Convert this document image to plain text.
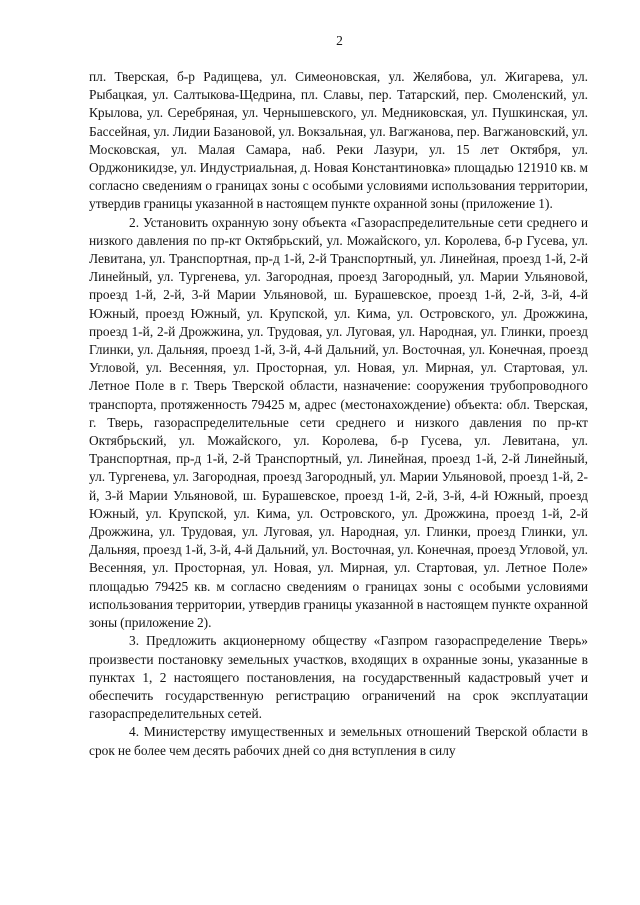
2

пл. Тверская, б-р Радищева, ул. Симеоновская, ул. Желябова, ул. Жигарева, ул. Рыбацкая, ул. Салтыкова-Щедрина, пл. Славы, пер. Татарский, пер. Смоленский, ул. Крылова, ул. Серебряная, ул. Чернышевского, ул. Медниковская, ул. Пушкинская, ул. Бассейная, ул. Лидии Базановой, ул. Вокзальная, ул. Вагжанова, пер. Вагжановский, ул. Московская, ул. Малая Самара, наб. Реки Лазури, ул. 15 лет Октября, ул. Орджоникидзе, ул. Индустриальная, д. Новая Константиновка» площадью 121910 кв. м согласно сведениям о границах зоны с особыми условиями использования территории, утвердив границы указанной в настоящем пункте охранной зоны (приложение 1).

2. Установить охранную зону объекта «Газораспределительные сети среднего и низкого давления по пр-кт Октябрьский, ул. Можайского, ул. Королева, б-р Гусева, ул. Левитана, ул. Транспортная, пр-д 1-й, 2-й Транспортный, ул. Линейная, проезд 1-й, 2-й Линейный, ул. Тургенева, ул. Загородная, проезд Загородный, ул. Марии Ульяновой, проезд 1-й, 2-й, 3-й Марии Ульяновой, ш. Бурашевское, проезд 1-й, 2-й, 3-й, 4-й Южный, проезд Южный, ул. Крупской, ул. Кима, ул. Островского, ул. Дрожжина, проезд 1-й, 2-й Дрожжина, ул. Трудовая, ул. Луговая, ул. Народная, ул. Глинки, проезд Глинки, ул. Дальняя, проезд 1-й, 3-й, 4-й Дальний, ул. Восточная, ул. Конечная, проезд Угловой, ул. Весенняя, ул. Просторная, ул. Новая, ул. Мирная, ул. Стартовая, ул. Летное Поле в г. Тверь Тверской области, назначение: сооружения трубопроводного транспорта, протяженность 79425 м, адрес (местонахождение) объекта: обл. Тверская, г. Тверь, газораспределительные сети среднего и низкого давления по пр-кт Октябрьский, ул. Можайского, ул. Королева, б-р Гусева, ул. Левитана, ул. Транспортная, пр-д 1-й, 2-й Транспортный, ул. Линейная, проезд 1-й, 2-й Линейный, ул. Тургенева, ул. Загородная, проезд Загородный, ул. Марии Ульяновой, проезд 1-й, 2-й, 3-й Марии Ульяновой, ш. Бурашевское, проезд 1-й, 2-й, 3-й, 4-й Южный, проезд Южный, ул. Крупской, ул. Кима, ул. Островского, ул. Дрожжина, проезд 1-й, 2-й Дрожжина, ул. Трудовая, ул. Луговая, ул. Народная, ул. Глинки, проезд Глинки, ул. Дальняя, проезд 1-й, 3-й, 4-й Дальний, ул. Восточная, ул. Конечная, проезд Угловой, ул. Весенняя, ул. Просторная, ул. Новая, ул. Мирная, ул. Стартовая, ул. Летное Поле» площадью 79425 кв. м согласно сведениям о границах зоны с особыми условиями использования территории, утвердив границы указанной в настоящем пункте охранной зоны (приложение 2).

3. Предложить акционерному обществу «Газпром газораспределение Тверь» произвести постановку земельных участков, входящих в охранные зоны, указанные в пунктах 1, 2 настоящего постановления, на государственный кадастровый учет и обеспечить государственную регистрацию ограничений на срок эксплуатации газораспределительных сетей.

4. Министерству имущественных и земельных отношений Тверской области в срок не более чем десять рабочих дней со дня вступления в силу
